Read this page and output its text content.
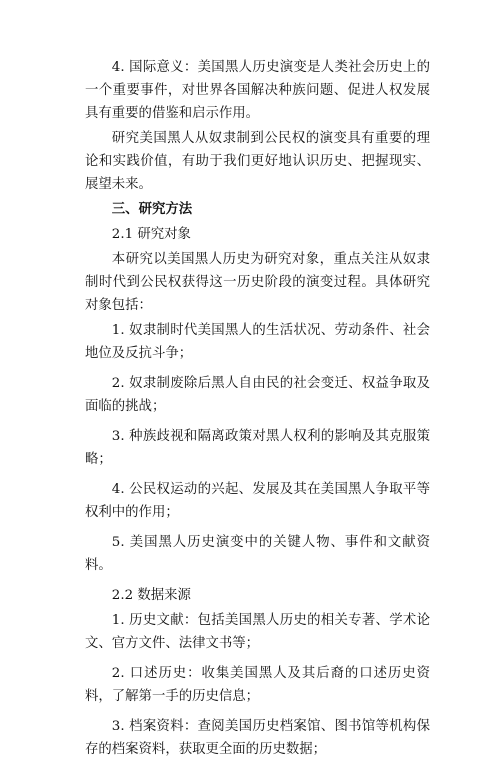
4. 国际意义：美国黑人历史演变是人类社会历史上的一个重要事件，对世界各国解决种族问题、促进人权发展具有重要的借鉴和启示作用。

研究美国黑人从奴隶制到公民权的演变具有重要的理论和实践价值，有助于我们更好地认识历史、把握现实、展望未来。

三、研究方法

2.1 研究对象

本研究以美国黑人历史为研究对象，重点关注从奴隶制时代到公民权获得这一历史阶段的演变过程。具体研究对象包括：

1. 奴隶制时代美国黑人的生活状况、劳动条件、社会地位及反抗斗争；

2. 奴隶制废除后黑人自由民的社会变迁、权益争取及面临的挑战；

3. 种族歧视和隔离政策对黑人权利的影响及其克服策略；

4. 公民权运动的兴起、发展及其在美国黑人争取平等权利中的作用；

5. 美国黑人历史演变中的关键人物、事件和文献资料。

2.2 数据来源

1. 历史文献：包括美国黑人历史的相关专著、学术论文、官方文件、法律文书等；

2. 口述历史：收集美国黑人及其后裔的口述历史资料，了解第一手的历史信息；

3. 档案资料：查阅美国历史档案馆、图书馆等机构保存的档案资料，获取更全面的历史数据；
